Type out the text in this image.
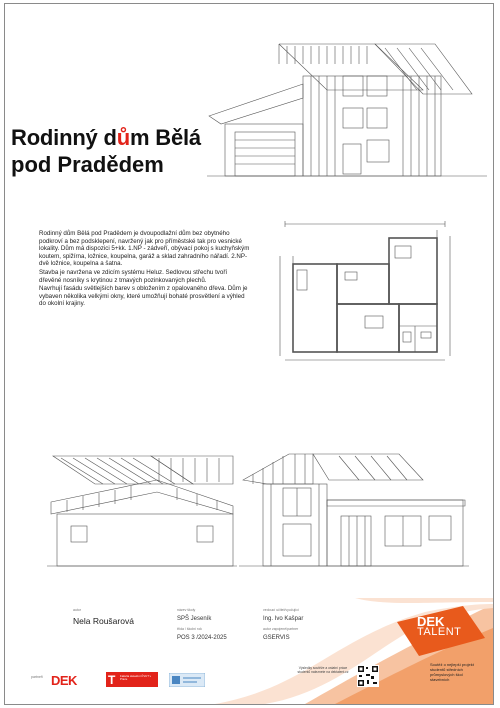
Rodinný dům Bělá
pod Pradědem

Rodinný dům Bělá pod Pradědem je dvoupodlažní dům bez obytného podkroví a bez podsklepení, navržený jak pro příměstské tak pro vesnické lokality. Dům má dispozici 5+kk. 1.NP - zádveří, obývací pokoj s kuchyňským koutem, spižírna, ložnice, koupelna, garáž a sklad zahradního nářadí. 2.NP- dvě ložnice, koupelna a šatna.

Stavba je navržena ve zdicím systému Heluz. Sedlovou střechu tvoří dřevěné nosníky s krytinou z tmavých pozinkovaných plechů.

Navrhují fasádu světlejších barev s obložením z opalovaného dřeva. Dům je vybaven několika velkými okny, které umožňují bohaté prosvětlení a výhled do okolní krajiny.

autor
Nela Roušarová
název školy
SPŠ Jeseník
třída / školní rok
POS 3 /2024-2025
vedoucí učitel/vyučující
Ing. Ivo Kašpar
autor zapojené/partner
GSERVIS
DEK
TALENT
Soutěž o nejlepší projekt studentů středních průmyslových škol stavebních
partneři DEK	T Fakulta stavební ČVUT v Praze
Výsledky soutěže a ostatní práce studentů naleznete na dektalent.cz
